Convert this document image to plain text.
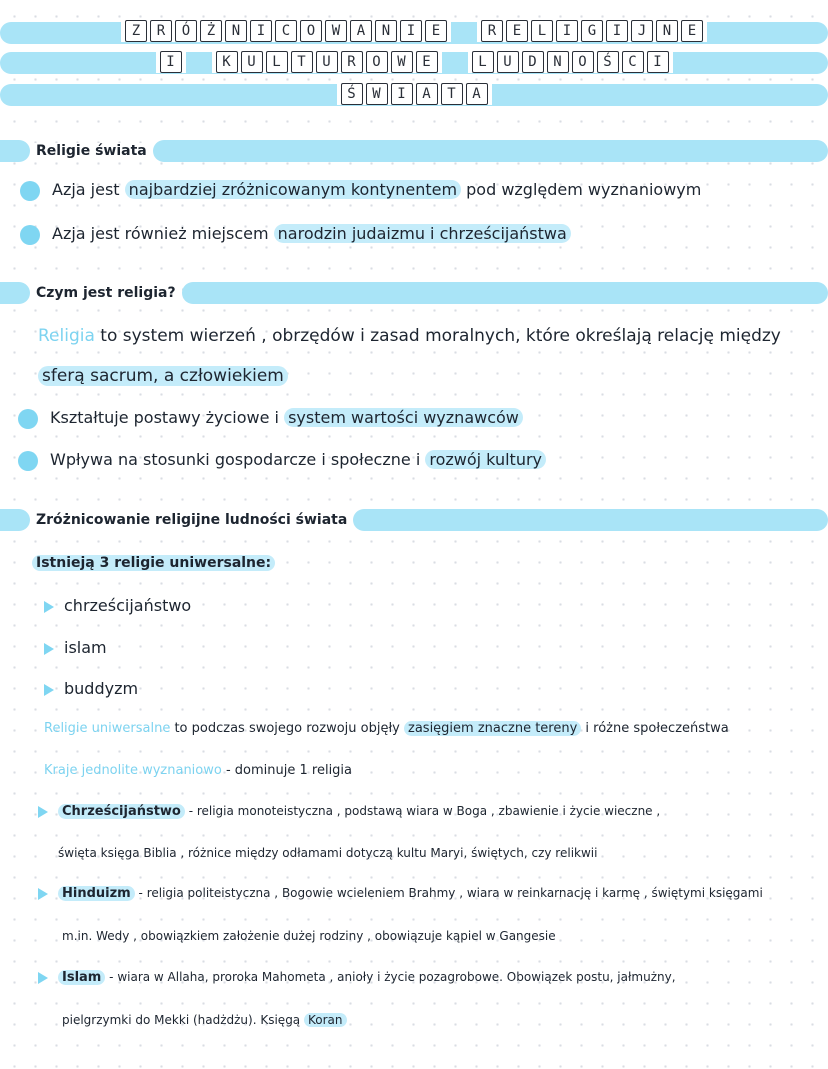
Z	R	Ó	Ż	N	I	C	O	W	A	N	I	E	R	E	L	I	G	I	J	N	E
I	K	U	L	T	U	R	O	W	E	L	U	D	N	O	Ś	C	I
Ś	W	I	A	T	A
Religie świata
Azja jest najbardziej zróżnicowanym kontynentem pod względem wyznaniowym
Azja jest również miejscem narodzin judaizmu i chrześcijaństwa
Czym jest religia?
Religia to system wierzeń , obrzędów i zasad moralnych, które określają relację między
sferą sacrum, a człowiekiem
Kształtuje postawy życiowe i system wartości wyznawców
Wpływa na stosunki gospodarcze i społeczne i rozwój kultury
Zróżnicowanie religijne ludności świata
Istnieją 3 religie uniwersalne:
chrześcijaństwo
islam
buddyzm
Religie uniwersalne to podczas swojego rozwoju objęły zasięgiem znaczne tereny i różne społeczeństwa
Kraje jednolite wyznaniowo - dominuje 1 religia
Chrześcijaństwo - religia monoteistyczna , podstawą wiara w Boga , zbawienie i życie wieczne ,
święta księga Biblia , różnice między odłamami dotyczą kultu Maryi, świętych, czy relikwii
Hinduizm - religia politeistyczna , Bogowie wcieleniem Brahmy , wiara w reinkarnację i karmę , świętymi księgami
m.in. Wedy , obowiązkiem założenie dużej rodziny , obowiązuje kąpiel w Gangesie
Islam - wiara w Allaha, proroka Mahometa , anioły i życie pozagrobowe. Obowiązek postu, jałmużny,
pielgrzymki do Mekki (hadżdżu). Księgą Koran
